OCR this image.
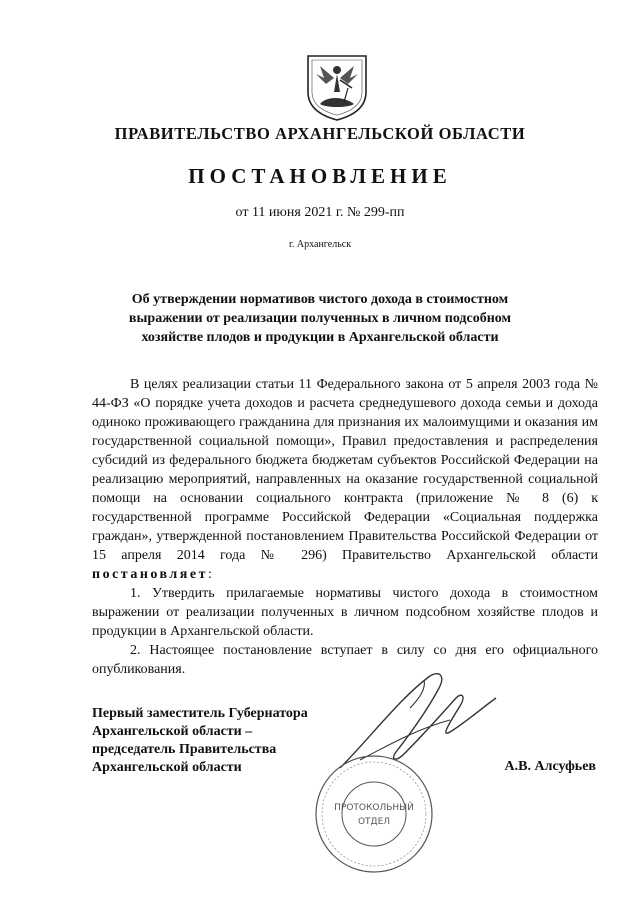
ПРАВИТЕЛЬСТВО АРХАНГЕЛЬСКОЙ ОБЛАСТИ
ПОСТАНОВЛЕНИЕ
от 11 июня 2021 г. № 299-пп
г. Архангельск
Об утверждении нормативов чистого дохода в стоимостном выражении от реализации полученных в личном подсобном хозяйстве плодов и продукции в Архангельской области

В целях реализации статьи 11 Федерального закона от 5 апреля 2003 года № 44-ФЗ «О порядке учета доходов и расчета среднедушевого дохода семьи и дохода одиноко проживающего гражданина для признания их малоимущими и оказания им государственной социальной помощи», Правил предоставления и распределения субсидий из федерального бюджета бюджетам субъектов Российской Федерации на реализацию мероприятий, направленных на оказание государственной социальной помощи на основании социального контракта (приложение № 8 (6) к государственной программе Российской Федерации «Социальная поддержка граждан», утвержденной постановлением Правительства Российской Федерации от 15 апреля 2014 года № 296) Правительство Архангельской области постановляет:

1. Утвердить прилагаемые нормативы чистого дохода в стоимостном выражении от реализации полученных в личном подсобном хозяйстве плодов и продукции в Архангельской области.

2. Настоящее постановление вступает в силу со дня его официального опубликования.

Первый заместитель Губернатора
Архангельской области –
председатель Правительства
Архангельской области
ПРОТОКОЛЬНЫЙ
ОТДЕЛ
А.В. Алсуфьев
